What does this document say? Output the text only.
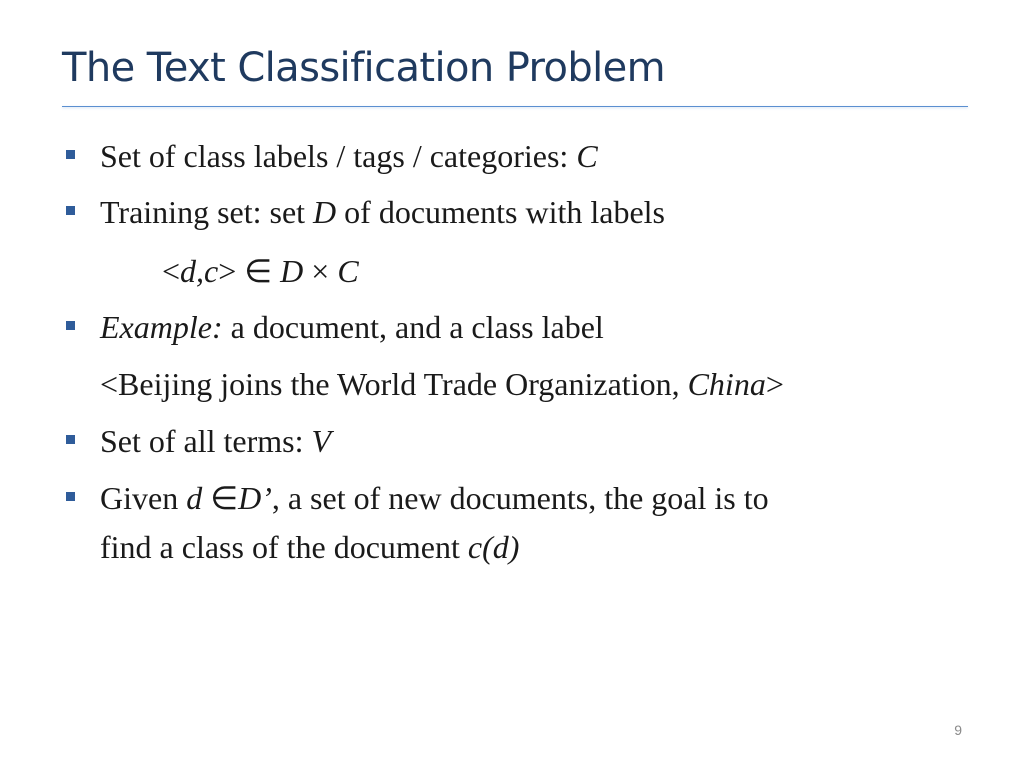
The Text Classification Problem
Set of class labels / tags / categories: C
Training set: set D of documents with labels
<d,c> ∈ D × C
Example: a document, and a class label
<Beijing joins the World Trade Organization, China>
Set of all terms: V
Given d ∈D’, a set of new documents, the goal is to
find a class of the document c(d)
9
